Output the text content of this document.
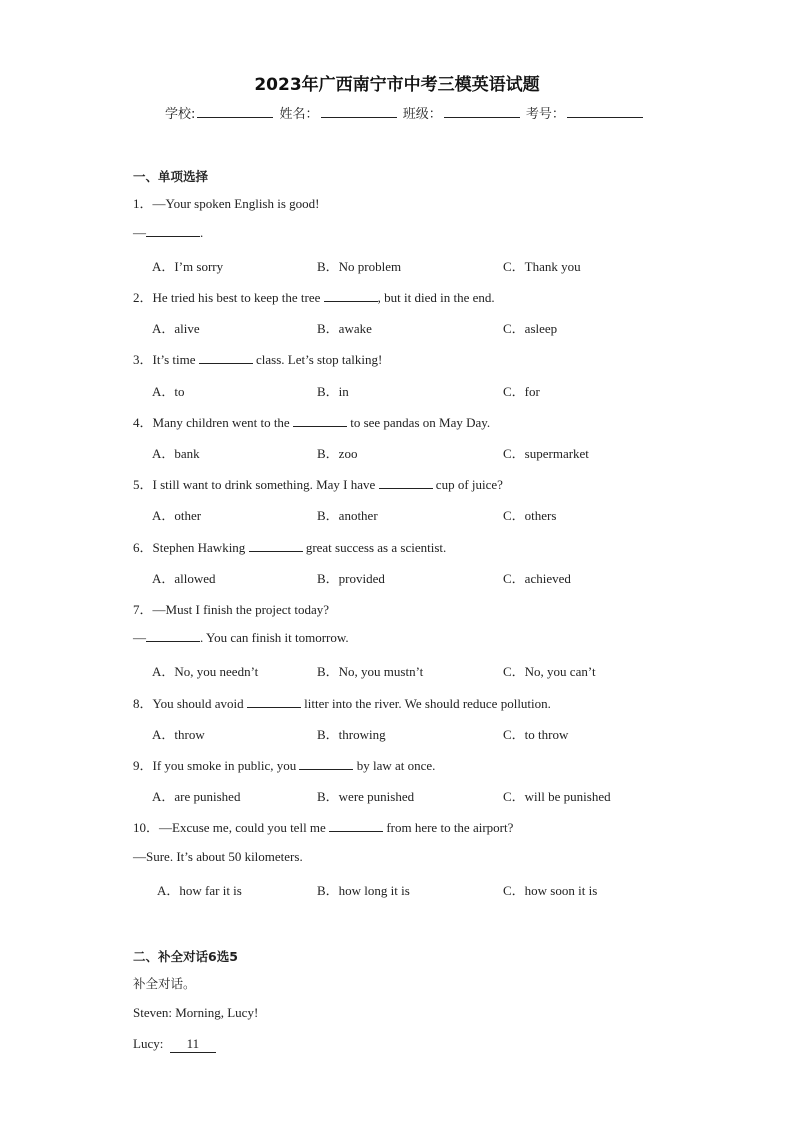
2023年广西南宁市中考三模英语试题
学校:	姓名：	班级：	考号：
一、单项选择
1．—Your spoken English is good!
—	.
A．I’m sorry	B．No problem	C．Thank you
2．He tried his best to keep the tree	, but it died in the end.
A．alive	B．awake	C．asleep
3．It’s time	class. Let’s stop talking!
A．to	B．in	C．for
4．Many children went to the	to see pandas on May Day.
A．bank	B．zoo	C．supermarket
5．I still want to drink something. May I have	cup of juice?
A．other	B．another	C．others
6．Stephen Hawking	great success as a scientist.
A．allowed	B．provided	C．achieved
7．—Must I finish the project today?
—	. You can finish it tomorrow.
A．No, you needn’t	B．No, you mustn’t	C．No, you can’t
8．You should avoid	litter into the river. We should reduce pollution.
A．throw	B．throwing	C．to throw
9．If you smoke in public, you	by law at once.
A．are punished	B．were punished	C．will be punished
10．—Excuse me, could you tell me	from here to the airport?
—Sure. It’s about 50 kilometers.
A．how far it is	B．how long it is	C．how soon it is
二、补全对话6选5
补全对话。
Steven: Morning, Lucy!
Lucy: 11
